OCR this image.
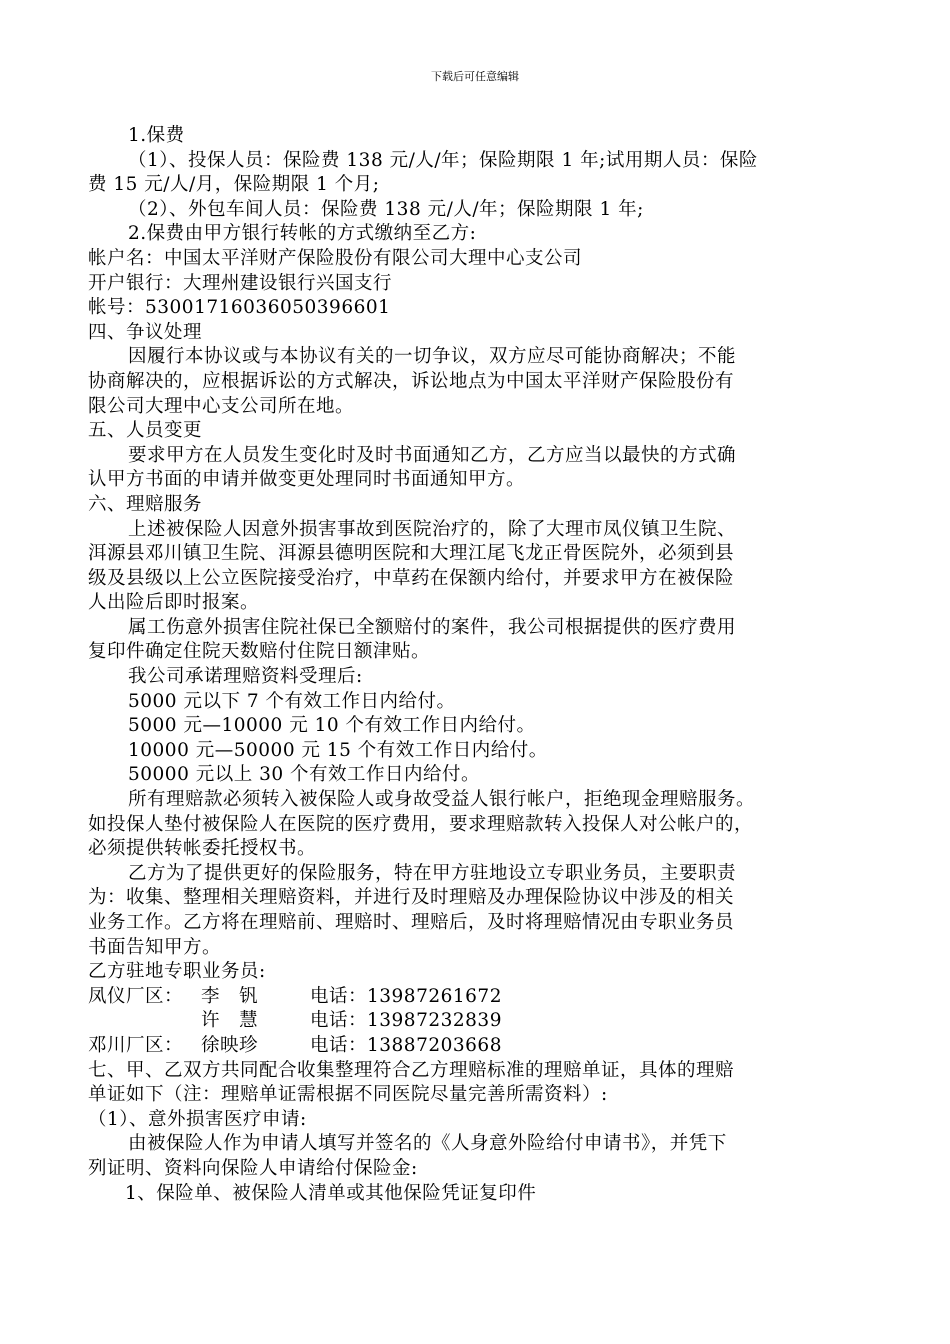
下载后可任意编辑

1.保费

（1）、投保人员：保险费 138 元/人/年；保险期限 1 年;试用期人员：保险

费 15 元/人/月，保险期限 1 个月;

（2）、外包车间人员：保险费 138 元/人/年；保险期限 1 年;

2.保费由甲方银行转帐的方式缴纳至乙方:

帐户名：中国太平洋财产保险股份有限公司大理中心支公司

开户银行：大理州建设银行兴国支行

帐号：53001716036050396601

四、争议处理

因履行本协议或与本协议有关的一切争议，双方应尽可能协商解决；不能

协商解决的，应根据诉讼的方式解决，诉讼地点为中国太平洋财产保险股份有

限公司大理中心支公司所在地。

五、人员变更

要求甲方在人员发生变化时及时书面通知乙方，乙方应当以最快的方式确

认甲方书面的申请并做变更处理同时书面通知甲方。

六、理赔服务

上述被保险人因意外损害事故到医院治疗的，除了大理市凤仪镇卫生院、

洱源县邓川镇卫生院、洱源县德明医院和大理江尾飞龙正骨医院外，必须到县

级及县级以上公立医院接受治疗，中草药在保额内给付，并要求甲方在被保险

人出险后即时报案。

属工伤意外损害住院社保已全额赔付的案件，我公司根据提供的医疗费用

复印件确定住院天数赔付住院日额津贴。

我公司承诺理赔资料受理后:

5000 元以下 7 个有效工作日内给付。

5000 元—10000 元 10 个有效工作日内给付。

10000 元—50000 元 15 个有效工作日内给付。

50000 元以上 30 个有效工作日内给付。

所有理赔款必须转入被保险人或身故受益人银行帐户，拒绝现金理赔服务。

如投保人垫付被保险人在医院的医疗费用，要求理赔款转入投保人对公帐户的，

必须提供转帐委托授权书。

乙方为了提供更好的保险服务，特在甲方驻地设立专职业务员，主要职责

为：收集、整理相关理赔资料，并进行及时理赔及办理保险协议中涉及的相关

业务工作。乙方将在理赔前、理赔时、理赔后，及时将理赔情况由专职业务员

书面告知甲方。

乙方驻地专职业务员:

凤仪厂区： 李   钒	电话：13987261672
许   慧	电话：13987232839
邓川厂区： 徐映珍	电话：13887203668

七、甲、乙双方共同配合收集整理符合乙方理赔标准的理赔单证，具体的理赔

单证如下（注：理赔单证需根据不同医院尽量完善所需资料）:

（1）、意外损害医疗申请:

由被保险人作为申请人填写并签名的《人身意外险给付申请书》，并凭下

列证明、资料向保险人申请给付保险金:

1、保险单、被保险人清单或其他保险凭证复印件
